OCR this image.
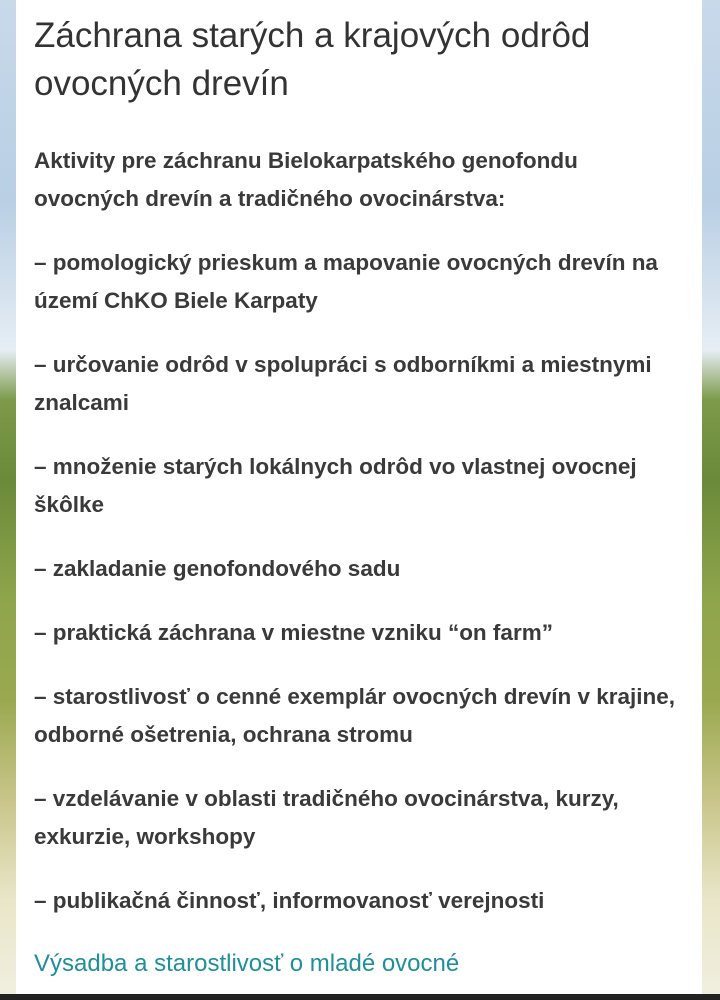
Záchrana starých a krajových odrôd ovocných drevín

Aktivity pre záchranu Bielokarpatského genofondu ovocných drevín a tradičného ovocinárstva:

– pomologický prieskum a mapovanie ovocných drevín na území ChKO Biele Karpaty

– určovanie odrôd v spolupráci s odborníkmi a miestnymi znalcami

– množenie starých lokálnych odrôd vo vlastnej ovocnej škôlke

– zakladanie genofondového sadu

– praktická záchrana v miestne vzniku “on farm”

– starostlivosť o cenné exemplár ovocných drevín v krajine, odborné ošetrenia, ochrana stromu

– vzdelávanie v oblasti tradičného ovocinárstva, kurzy, exkurzie, workshopy

– publikačná činnosť, informovanosť verejnosti

Výsadba a starostlivosť o mladé ovocné
